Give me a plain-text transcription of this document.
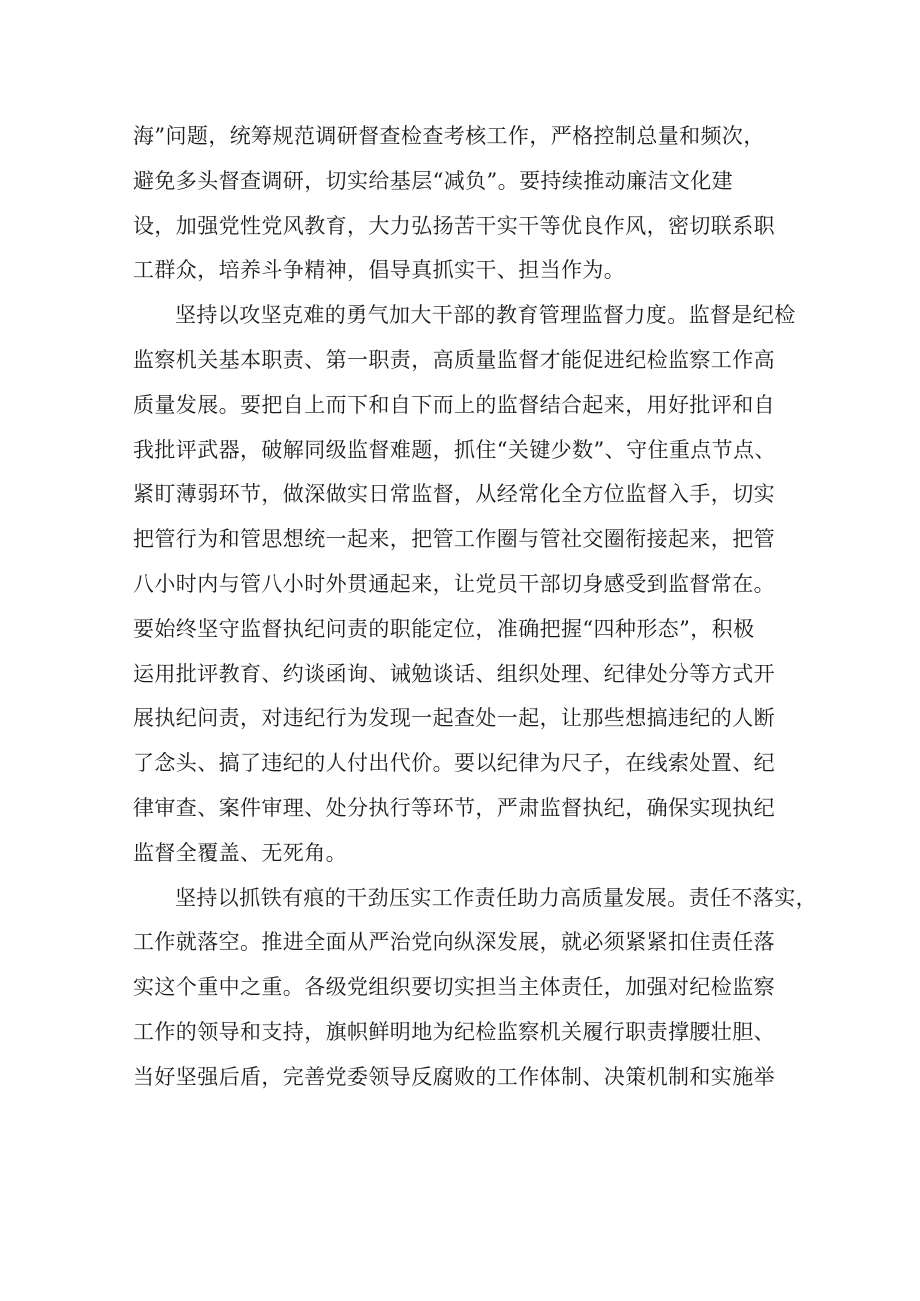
海”问题，统筹规范调研督查检查考核工作，严格控制总量和频次，
避免多头督查调研，切实给基层“减负”。要持续推动廉洁文化建
设，加强党性党风教育，大力弘扬苦干实干等优良作风，密切联系职
工群众，培养斗争精神，倡导真抓实干、担当作为。
坚持以攻坚克难的勇气加大干部的教育管理监督力度。监督是纪检
监察机关基本职责、第一职责，高质量监督才能促进纪检监察工作高
质量发展。要把自上而下和自下而上的监督结合起来，用好批评和自
我批评武器，破解同级监督难题，抓住“关键少数”、守住重点节点、
紧盯薄弱环节，做深做实日常监督，从经常化全方位监督入手，切实
把管行为和管思想统一起来，把管工作圈与管社交圈衔接起来，把管
八小时内与管八小时外贯通起来，让党员干部切身感受到监督常在。
要始终坚守监督执纪问责的职能定位，准确把握“四种形态”，积极
运用批评教育、约谈函询、诫勉谈话、组织处理、纪律处分等方式开
展执纪问责，对违纪行为发现一起查处一起，让那些想搞违纪的人断
了念头、搞了违纪的人付出代价。要以纪律为尺子，在线索处置、纪
律审查、案件审理、处分执行等环节，严肃监督执纪，确保实现执纪
监督全覆盖、无死角。
坚持以抓铁有痕的干劲压实工作责任助力高质量发展。责任不落实，
工作就落空。推进全面从严治党向纵深发展，就必须紧紧扣住责任落
实这个重中之重。各级党组织要切实担当主体责任，加强对纪检监察
工作的领导和支持，旗帜鲜明地为纪检监察机关履行职责撑腰壮胆、
当好坚强后盾，完善党委领导反腐败的工作体制、决策机制和实施举
